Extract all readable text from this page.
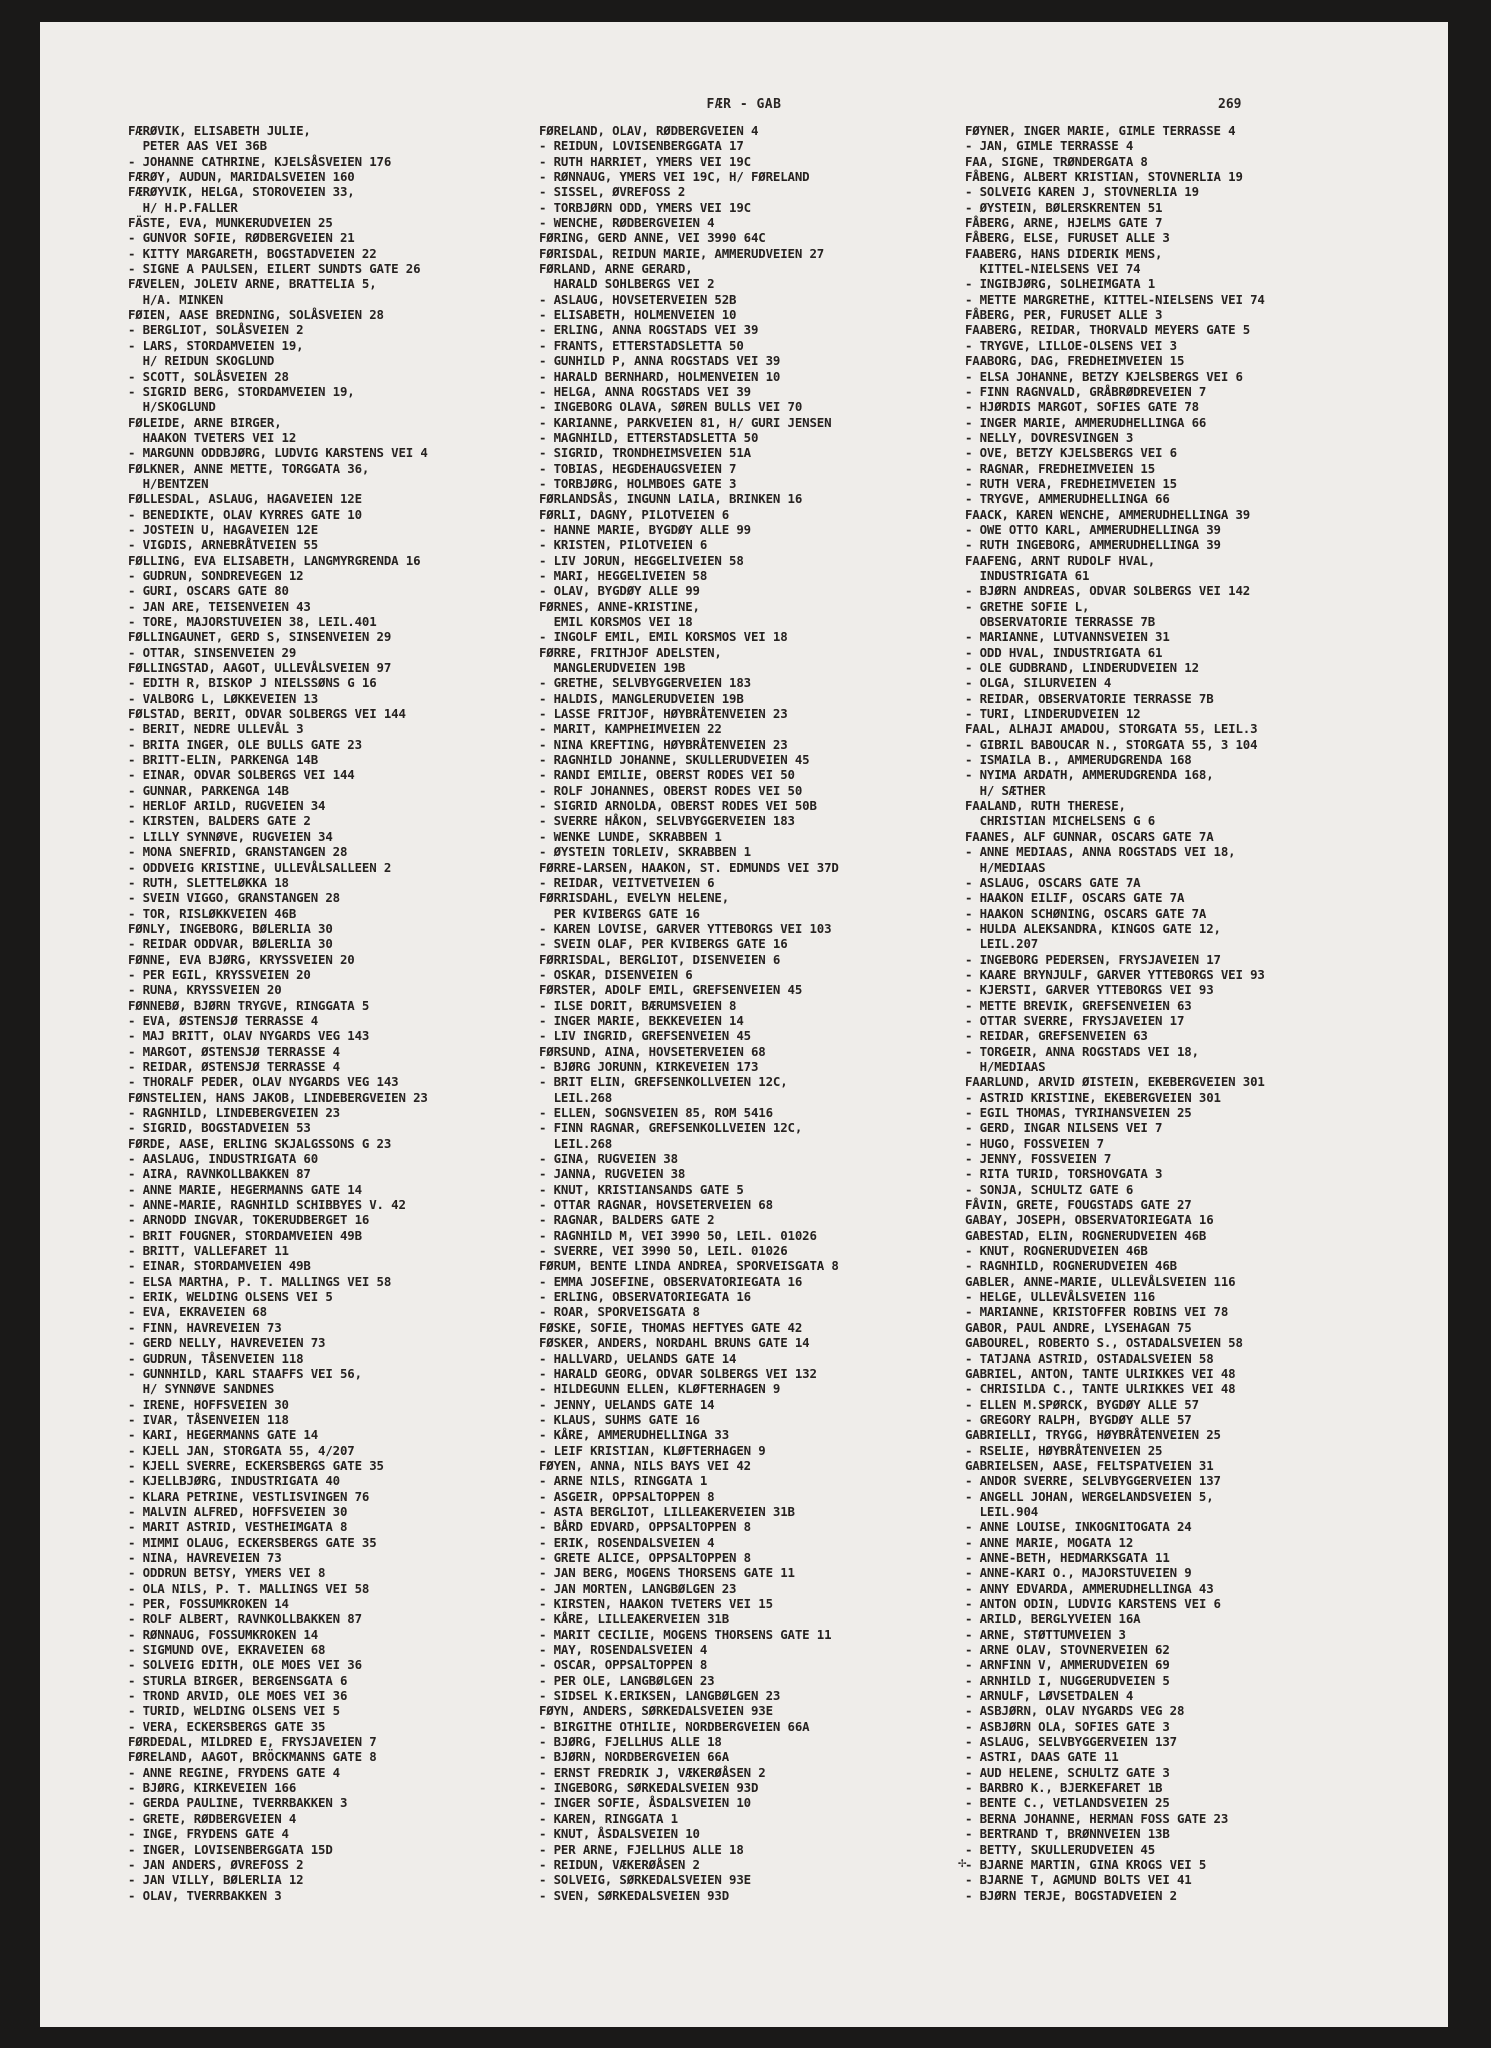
FÆR - GAB	269
FÆRØVIK, ELISABETH JULIE,
PETER AAS VEI 36B
- JOHANNE CATHRINE, KJELSÅSVEIEN 176
FÆRØY, AUDUN, MARIDALSVEIEN 160
FÆRØYVIK, HELGA, STOROVEIEN 33,
H/ H.P.FALLER
FÄSTE, EVA, MUNKERUDVEIEN 25
- GUNVOR SOFIE, RØDBERGVEIEN 21
- KITTY MARGARETH, BOGSTADVEIEN 22
- SIGNE A PAULSEN, EILERT SUNDTS GATE 26
FÆVELEN, JOLEIV ARNE, BRATTELIA 5,
H/A. MINKEN
FØIEN, AASE BREDNING, SOLÅSVEIEN 28
- BERGLIOT, SOLÅSVEIEN 2
- LARS, STORDAMVEIEN 19,
H/ REIDUN SKOGLUND
- SCOTT, SOLÅSVEIEN 28
- SIGRID BERG, STORDAMVEIEN 19,
H/SKOGLUND
FØLEIDE, ARNE BIRGER,
HAAKON TVETERS VEI 12
- MARGUNN ODDBJØRG, LUDVIG KARSTENS VEI 4
FØLKNER, ANNE METTE, TORGGATA 36,
H/BENTZEN
FØLLESDAL, ASLAUG, HAGAVEIEN 12E
- BENEDIKTE, OLAV KYRRES GATE 10
- JOSTEIN U, HAGAVEIEN 12E
- VIGDIS, ARNEBRÅTVEIEN 55
FØLLING, EVA ELISABETH, LANGMYRGRENDA 16
- GUDRUN, SONDREVEGEN 12
- GURI, OSCARS GATE 80
- JAN ARE, TEISENVEIEN 43
- TORE, MAJORSTUVEIEN 38, LEIL.401
FØLLINGAUNET, GERD S, SINSENVEIEN 29
- OTTAR, SINSENVEIEN 29
FØLLINGSTAD, AAGOT, ULLEVÅLSVEIEN 97
- EDITH R, BISKOP J NIELSSØNS G 16
- VALBORG L, LØKKEVEIEN 13
FØLSTAD, BERIT, ODVAR SOLBERGS VEI 144
- BERIT, NEDRE ULLEVÅL 3
- BRITA INGER, OLE BULLS GATE 23
- BRITT-ELIN, PARKENGA 14B
- EINAR, ODVAR SOLBERGS VEI 144
- GUNNAR, PARKENGA 14B
- HERLOF ARILD, RUGVEIEN 34
- KIRSTEN, BALDERS GATE 2
- LILLY SYNNØVE, RUGVEIEN 34
- MONA SNEFRID, GRANSTANGEN 28
- ODDVEIG KRISTINE, ULLEVÅLSALLEEN 2
- RUTH, SLETTELØKKA 18
- SVEIN VIGGO, GRANSTANGEN 28
- TOR, RISLØKKVEIEN 46B
FØNLY, INGEBORG, BØLERLIA 30
- REIDAR ODDVAR, BØLERLIA 30
FØNNE, EVA BJØRG, KRYSSVEIEN 20
- PER EGIL, KRYSSVEIEN 20
- RUNA, KRYSSVEIEN 20
FØNNEBØ, BJØRN TRYGVE, RINGGATA 5
- EVA, ØSTENSJØ TERRASSE 4
- MAJ BRITT, OLAV NYGARDS VEG 143
- MARGOT, ØSTENSJØ TERRASSE 4
- REIDAR, ØSTENSJØ TERRASSE 4
- THORALF PEDER, OLAV NYGARDS VEG 143
FØNSTELIEN, HANS JAKOB, LINDEBERGVEIEN 23
- RAGNHILD, LINDEBERGVEIEN 23
- SIGRID, BOGSTADVEIEN 53
FØRDE, AASE, ERLING SKJALGSSONS G 23
- AASLAUG, INDUSTRIGATA 60
- AIRA, RAVNKOLLBAKKEN 87
- ANNE MARIE, HEGERMANNS GATE 14
- ANNE-MARIE, RAGNHILD SCHIBBYES V. 42
- ARNODD INGVAR, TOKERUDBERGET 16
- BRIT FOUGNER, STORDAMVEIEN 49B
- BRITT, VALLEFARET 11
- EINAR, STORDAMVEIEN 49B
- ELSA MARTHA, P. T. MALLINGS VEI 58
- ERIK, WELDING OLSENS VEI 5
- EVA, EKRAVEIEN 68
- FINN, HAVREVEIEN 73
- GERD NELLY, HAVREVEIEN 73
- GUDRUN, TÅSENVEIEN 118
- GUNNHILD, KARL STAAFFS VEI 56,
H/ SYNNØVE SANDNES
- IRENE, HOFFSVEIEN 30
- IVAR, TÅSENVEIEN 118
- KARI, HEGERMANNS GATE 14
- KJELL JAN, STORGATA 55, 4/207
- KJELL SVERRE, ECKERSBERGS GATE 35
- KJELLBJØRG, INDUSTRIGATA 40
- KLARA PETRINE, VESTLISVINGEN 76
- MALVIN ALFRED, HOFFSVEIEN 30
- MARIT ASTRID, VESTHEIMGATA 8
- MIMMI OLAUG, ECKERSBERGS GATE 35
- NINA, HAVREVEIEN 73
- ODDRUN BETSY, YMERS VEI 8
- OLA NILS, P. T. MALLINGS VEI 58
- PER, FOSSUMKROKEN 14
- ROLF ALBERT, RAVNKOLLBAKKEN 87
- RØNNAUG, FOSSUMKROKEN 14
- SIGMUND OVE, EKRAVEIEN 68
- SOLVEIG EDITH, OLE MOES VEI 36
- STURLA BIRGER, BERGENSGATA 6
- TROND ARVID, OLE MOES VEI 36
- TURID, WELDING OLSENS VEI 5
- VERA, ECKERSBERGS GATE 35
FØRDEDAL, MILDRED E, FRYSJAVEIEN 7
FØRELAND, AAGOT, BRÖCKMANNS GATE 8
- ANNE REGINE, FRYDENS GATE 4
- BJØRG, KIRKEVEIEN 166
- GERDA PAULINE, TVERRBAKKEN 3
- GRETE, RØDBERGVEIEN 4
- INGE, FRYDENS GATE 4
- INGER, LOVISENBERGGATA 15D
- JAN ANDERS, ØVREFOSS 2
- JAN VILLY, BØLERLIA 12
- OLAV, TVERRBAKKEN 3
FØRELAND, OLAV, RØDBERGVEIEN 4
- REIDUN, LOVISENBERGGATA 17
- RUTH HARRIET, YMERS VEI 19C
- RØNNAUG, YMERS VEI 19C, H/ FØRELAND
- SISSEL, ØVREFOSS 2
- TORBJØRN ODD, YMERS VEI 19C
- WENCHE, RØDBERGVEIEN 4
FØRING, GERD ANNE, VEI 3990 64C
FØRISDAL, REIDUN MARIE, AMMERUDVEIEN 27
FØRLAND, ARNE GERARD,
HARALD SOHLBERGS VEI 2
- ASLAUG, HOVSETERVEIEN 52B
- ELISABETH, HOLMENVEIEN 10
- ERLING, ANNA ROGSTADS VEI 39
- FRANTS, ETTERSTADSLETTA 50
- GUNHILD P, ANNA ROGSTADS VEI 39
- HARALD BERNHARD, HOLMENVEIEN 10
- HELGA, ANNA ROGSTADS VEI 39
- INGEBORG OLAVA, SØREN BULLS VEI 70
- KARIANNE, PARKVEIEN 81, H/ GURI JENSEN
- MAGNHILD, ETTERSTADSLETTA 50
- SIGRID, TRONDHEIMSVEIEN 51A
- TOBIAS, HEGDEHAUGSVEIEN 7
- TORBJØRG, HOLMBOES GATE 3
FØRLANDSÅS, INGUNN LAILA, BRINKEN 16
FØRLI, DAGNY, PILOTVEIEN 6
- HANNE MARIE, BYGDØY ALLE 99
- KRISTEN, PILOTVEIEN 6
- LIV JORUN, HEGGELIVEIEN 58
- MARI, HEGGELIVEIEN 58
- OLAV, BYGDØY ALLE 99
FØRNES, ANNE-KRISTINE,
EMIL KORSMOS VEI 18
- INGOLF EMIL, EMIL KORSMOS VEI 18
FØRRE, FRITHJOF ADELSTEN,
MANGLERUDVEIEN 19B
- GRETHE, SELVBYGGERVEIEN 183
- HALDIS, MANGLERUDVEIEN 19B
- LASSE FRITJOF, HØYBRÅTENVEIEN 23
- MARIT, KAMPHEIMVEIEN 22
- NINA KREFTING, HØYBRÅTENVEIEN 23
- RAGNHILD JOHANNE, SKULLERUDVEIEN 45
- RANDI EMILIE, OBERST RODES VEI 50
- ROLF JOHANNES, OBERST RODES VEI 50
- SIGRID ARNOLDA, OBERST RODES VEI 50B
- SVERRE HÅKON, SELVBYGGERVEIEN 183
- WENKE LUNDE, SKRABBEN 1
- ØYSTEIN TORLEIV, SKRABBEN 1
FØRRE-LARSEN, HAAKON, ST. EDMUNDS VEI 37D
- REIDAR, VEITVETVEIEN 6
FØRRISDAHL, EVELYN HELENE,
PER KVIBERGS GATE 16
- KAREN LOVISE, GARVER YTTEBORGS VEI 103
- SVEIN OLAF, PER KVIBERGS GATE 16
FØRRISDAL, BERGLIOT, DISENVEIEN 6
- OSKAR, DISENVEIEN 6
FØRSTER, ADOLF EMIL, GREFSENVEIEN 45
- ILSE DORIT, BÆRUMSVEIEN 8
- INGER MARIE, BEKKEVEIEN 14
- LIV INGRID, GREFSENVEIEN 45
FØRSUND, AINA, HOVSETERVEIEN 68
- BJØRG JORUNN, KIRKEVEIEN 173
- BRIT ELIN, GREFSENKOLLVEIEN 12C,
LEIL.268
- ELLEN, SOGNSVEIEN 85, ROM 5416
- FINN RAGNAR, GREFSENKOLLVEIEN 12C,
LEIL.268
- GINA, RUGVEIEN 38
- JANNA, RUGVEIEN 38
- KNUT, KRISTIANSANDS GATE 5
- OTTAR RAGNAR, HOVSETERVEIEN 68
- RAGNAR, BALDERS GATE 2
- RAGNHILD M, VEI 3990 50, LEIL. 01026
- SVERRE, VEI 3990 50, LEIL. 01026
FØRUM, BENTE LINDA ANDREA, SPORVEISGATA 8
- EMMA JOSEFINE, OBSERVATORIEGATA 16
- ERLING, OBSERVATORIEGATA 16
- ROAR, SPORVEISGATA 8
FØSKE, SOFIE, THOMAS HEFTYES GATE 42
FØSKER, ANDERS, NORDAHL BRUNS GATE 14
- HALLVARD, UELANDS GATE 14
- HARALD GEORG, ODVAR SOLBERGS VEI 132
- HILDEGUNN ELLEN, KLØFTERHAGEN 9
- JENNY, UELANDS GATE 14
- KLAUS, SUHMS GATE 16
- KÅRE, AMMERUDHELLINGA 33
- LEIF KRISTIAN, KLØFTERHAGEN 9
FØYEN, ANNA, NILS BAYS VEI 42
- ARNE NILS, RINGGATA 1
- ASGEIR, OPPSALTOPPEN 8
- ASTA BERGLIOT, LILLEAKERVEIEN 31B
- BÅRD EDVARD, OPPSALTOPPEN 8
- ERIK, ROSENDALSVEIEN 4
- GRETE ALICE, OPPSALTOPPEN 8
- JAN BERG, MOGENS THORSENS GATE 11
- JAN MORTEN, LANGBØLGEN 23
- KIRSTEN, HAAKON TVETERS VEI 15
- KÅRE, LILLEAKERVEIEN 31B
- MARIT CECILIE, MOGENS THORSENS GATE 11
- MAY, ROSENDALSVEIEN 4
- OSCAR, OPPSALTOPPEN 8
- PER OLE, LANGBØLGEN 23
- SIDSEL K.ERIKSEN, LANGBØLGEN 23
FØYN, ANDERS, SØRKEDALSVEIEN 93E
- BIRGITHE OTHILIE, NORDBERGVEIEN 66A
- BJØRG, FJELLHUS ALLE 18
- BJØRN, NORDBERGVEIEN 66A
- ERNST FREDRIK J, VÆKERØÅSEN 2
- INGEBORG, SØRKEDALSVEIEN 93D
- INGER SOFIE, ÅSDALSVEIEN 10
- KAREN, RINGGATA 1
- KNUT, ÅSDALSVEIEN 10
- PER ARNE, FJELLHUS ALLE 18
- REIDUN, VÆKERØÅSEN 2
- SOLVEIG, SØRKEDALSVEIEN 93E
- SVEN, SØRKEDALSVEIEN 93D
FØYNER, INGER MARIE, GIMLE TERRASSE 4
- JAN, GIMLE TERRASSE 4
FAA, SIGNE, TRØNDERGATA 8
FÅBENG, ALBERT KRISTIAN, STOVNERLIA 19
- SOLVEIG KAREN J, STOVNERLIA 19
- ØYSTEIN, BØLERSKRENTEN 51
FÅBERG, ARNE, HJELMS GATE 7
FÅBERG, ELSE, FURUSET ALLE 3
FAABERG, HANS DIDERIK MENS,
KITTEL-NIELSENS VEI 74
- INGIBJØRG, SOLHEIMGATA 1
- METTE MARGRETHE, KITTEL-NIELSENS VEI 74
FÅBERG, PER, FURUSET ALLE 3
FAABERG, REIDAR, THORVALD MEYERS GATE 5
- TRYGVE, LILLOE-OLSENS VEI 3
FAABORG, DAG, FREDHEIMVEIEN 15
- ELSA JOHANNE, BETZY KJELSBERGS VEI 6
- FINN RAGNVALD, GRÅBRØDREVEIEN 7
- HJØRDIS MARGOT, SOFIES GATE 78
- INGER MARIE, AMMERUDHELLINGA 66
- NELLY, DOVRESVINGEN 3
- OVE, BETZY KJELSBERGS VEI 6
- RAGNAR, FREDHEIMVEIEN 15
- RUTH VERA, FREDHEIMVEIEN 15
- TRYGVE, AMMERUDHELLINGA 66
FAACK, KAREN WENCHE, AMMERUDHELLINGA 39
- OWE OTTO KARL, AMMERUDHELLINGA 39
- RUTH INGEBORG, AMMERUDHELLINGA 39
FAAFENG, ARNT RUDOLF HVAL,
INDUSTRIGATA 61
- BJØRN ANDREAS, ODVAR SOLBERGS VEI 142
- GRETHE SOFIE L,
OBSERVATORIE TERRASSE 7B
- MARIANNE, LUTVANNSVEIEN 31
- ODD HVAL, INDUSTRIGATA 61
- OLE GUDBRAND, LINDERUDVEIEN 12
- OLGA, SILURVEIEN 4
- REIDAR, OBSERVATORIE TERRASSE 7B
- TURI, LINDERUDVEIEN 12
FAAL, ALHAJI AMADOU, STORGATA 55, LEIL.3
- GIBRIL BABOUCAR N., STORGATA 55, 3 104
- ISMAILA B., AMMERUDGRENDA 168
- NYIMA ARDATH, AMMERUDGRENDA 168,
H/ SÆTHER
FAALAND, RUTH THERESE,
CHRISTIAN MICHELSENS G 6
FAANES, ALF GUNNAR, OSCARS GATE 7A
- ANNE MEDIAAS, ANNA ROGSTADS VEI 18,
H/MEDIAAS
- ASLAUG, OSCARS GATE 7A
- HAAKON EILIF, OSCARS GATE 7A
- HAAKON SCHØNING, OSCARS GATE 7A
- HULDA ALEKSANDRA, KINGOS GATE 12,
LEIL.207
- INGEBORG PEDERSEN, FRYSJAVEIEN 17
- KAARE BRYNJULF, GARVER YTTEBORGS VEI 93
- KJERSTI, GARVER YTTEBORGS VEI 93
- METTE BREVIK, GREFSENVEIEN 63
- OTTAR SVERRE, FRYSJAVEIEN 17
- REIDAR, GREFSENVEIEN 63
- TORGEIR, ANNA ROGSTADS VEI 18,
H/MEDIAAS
FAARLUND, ARVID ØISTEIN, EKEBERGVEIEN 301
- ASTRID KRISTINE, EKEBERGVEIEN 301
- EGIL THOMAS, TYRIHANSVEIEN 25
- GERD, INGAR NILSENS VEI 7
- HUGO, FOSSVEIEN 7
- JENNY, FOSSVEIEN 7
- RITA TURID, TORSHOVGATA 3
- SONJA, SCHULTZ GATE 6
FÅVIN, GRETE, FOUGSTADS GATE 27
GABAY, JOSEPH, OBSERVATORIEGATA 16
GABESTAD, ELIN, ROGNERUDVEIEN 46B
- KNUT, ROGNERUDVEIEN 46B
- RAGNHILD, ROGNERUDVEIEN 46B
GABLER, ANNE-MARIE, ULLEVÅLSVEIEN 116
- HELGE, ULLEVÅLSVEIEN 116
- MARIANNE, KRISTOFFER ROBINS VEI 78
GABOR, PAUL ANDRE, LYSEHAGAN 75
GABOUREL, ROBERTO S., OSTADALSVEIEN 58
- TATJANA ASTRID, OSTADALSVEIEN 58
GABRIEL, ANTON, TANTE ULRIKKES VEI 48
- CHRISILDA C., TANTE ULRIKKES VEI 48
- ELLEN M.SPØRCK, BYGDØY ALLE 57
- GREGORY RALPH, BYGDØY ALLE 57
GABRIELLI, TRYGG, HØYBRÅTENVEIEN 25
- RSELIE, HØYBRÅTENVEIEN 25
GABRIELSEN, AASE, FELTSPATVEIEN 31
- ANDOR SVERRE, SELVBYGGERVEIEN 137
- ANGELL JOHAN, WERGELANDSVEIEN 5,
LEIL.904
- ANNE LOUISE, INKOGNITOGATA 24
- ANNE MARIE, MOGATA 12
- ANNE-BETH, HEDMARKSGATA 11
- ANNE-KARI O., MAJORSTUVEIEN 9
- ANNY EDVARDA, AMMERUDHELLINGA 43
- ANTON ODIN, LUDVIG KARSTENS VEI 6
- ARILD, BERGLYVEIEN 16A
- ARNE, STØTTUMVEIEN 3
- ARNE OLAV, STOVNERVEIEN 62
- ARNFINN V, AMMERUDVEIEN 69
- ARNHILD I, NUGGERUDVEIEN 5
- ARNULF, LØVSETDALEN 4
- ASBJØRN, OLAV NYGARDS VEG 28
- ASBJØRN OLA, SOFIES GATE 3
- ASLAUG, SELVBYGGERVEIEN 137
- ASTRI, DAAS GATE 11
- AUD HELENE, SCHULTZ GATE 3
- BARBRO K., BJERKEFARET 1B
- BENTE C., VETLANDSVEIEN 25
- BERNA JOHANNE, HERMAN FOSS GATE 23
- BERTRAND T, BRØNNVEIEN 13B
- BETTY, SKULLERUDVEIEN 45
- BJARNE MARTIN, GINA KROGS VEI 5
- BJARNE T, AGMUND BOLTS VEI 41
- BJØRN TERJE, BOGSTADVEIEN 2
✢
